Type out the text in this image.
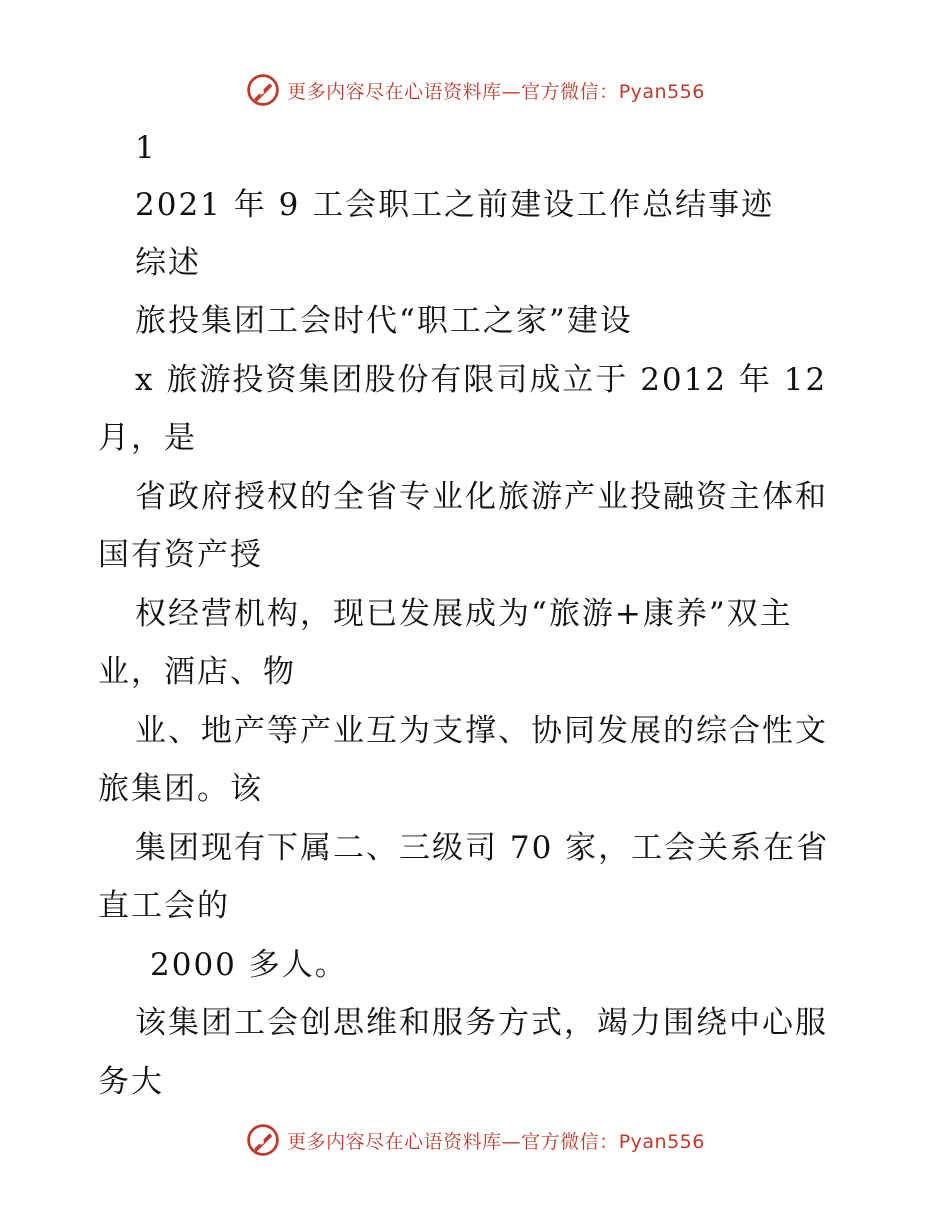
更多内容尽在心语资料库—官方微信：Pyan556
1
2021 年 9 工会职工之前建设工作总结事迹
综述
旅投集团工会时代“职工之家”建设
x 旅游投资集团股份有限司成立于 2012 年 12
月，是
省政府授权的全省专业化旅游产业投融资主体和
国有资产授
权经营机构，现已发展成为“旅游+康养”双主
业，酒店、物
业、地产等产业互为支撑、协同发展的综合性文
旅集团。该
集团现有下属二、三级司 70 家，工会关系在省
直工会的
2000 多人。
该集团工会创思维和服务方式，竭力围绕中心服
务大
更多内容尽在心语资料库—官方微信：Pyan556
